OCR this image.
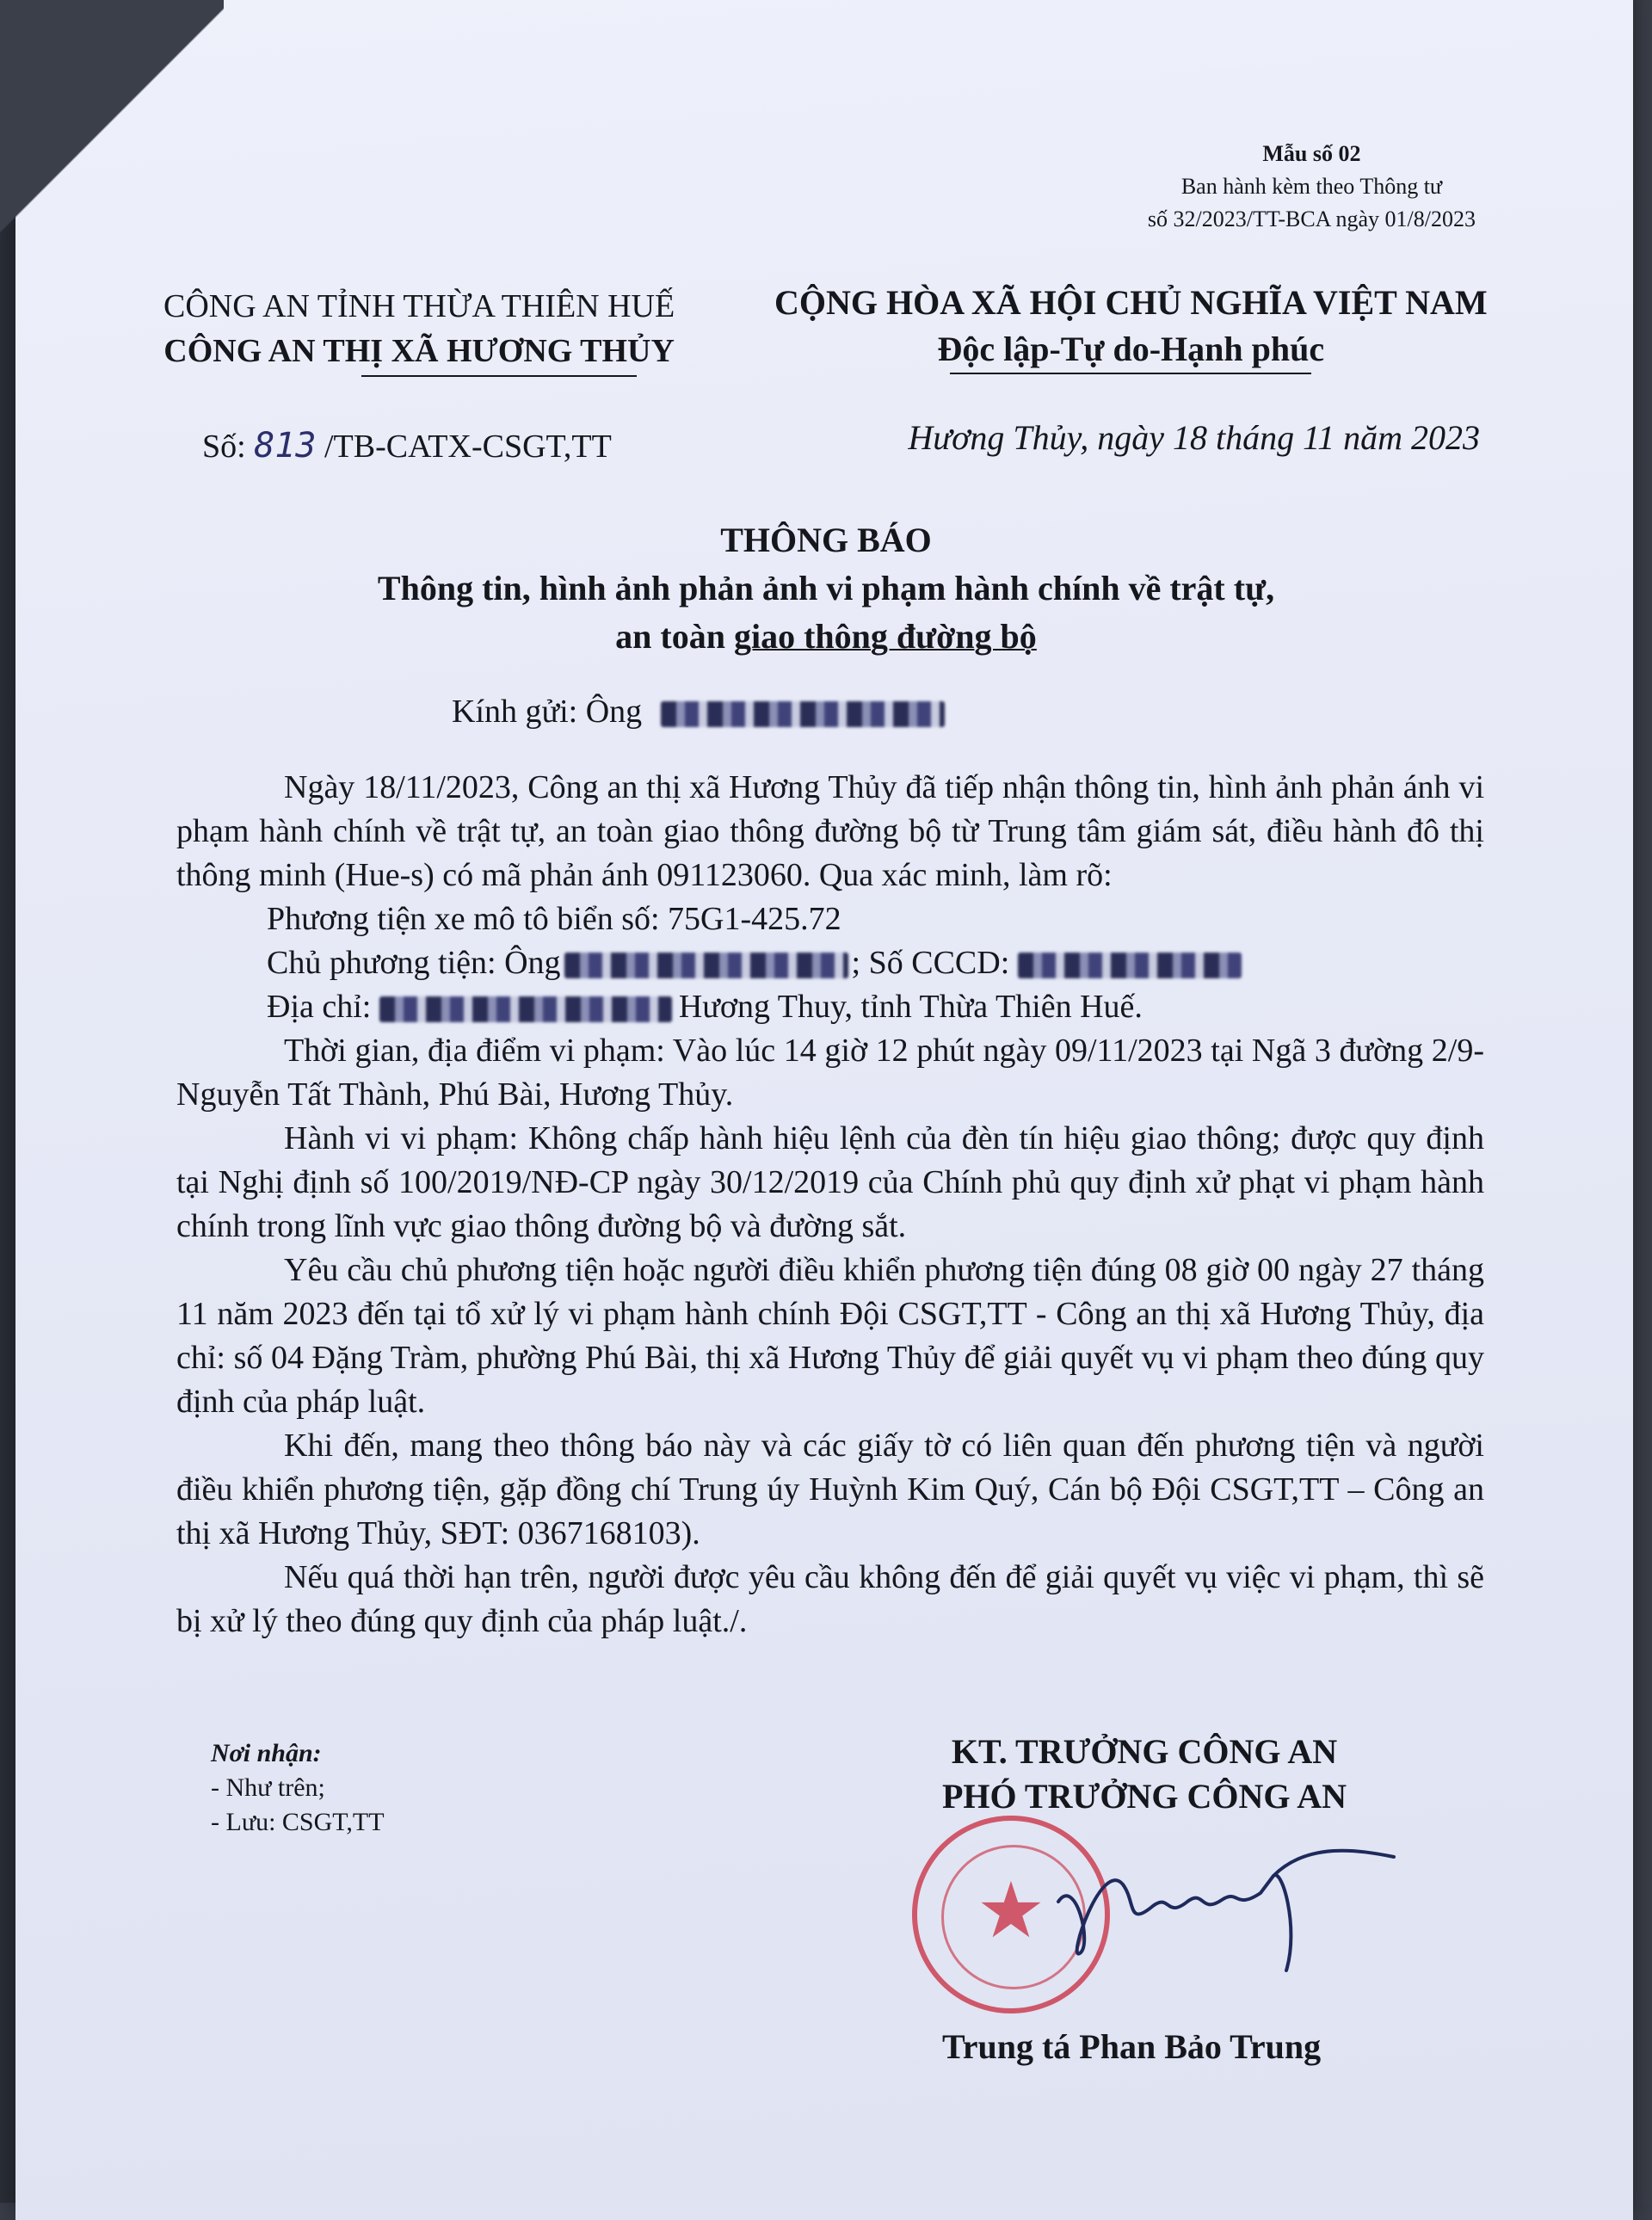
Mẫu số 02
Ban hành kèm theo Thông tư
số 32/2023/TT-BCA ngày 01/8/2023
CÔNG AN TỈNH THỪA THIÊN HUẾ
CÔNG AN THỊ XÃ HƯƠNG THỦY
CỘNG HÒA XÃ HỘI CHỦ NGHĨA VIỆT NAM
Độc lập-Tự do-Hạnh phúc
Số: 813 /TB-CATX-CSGT,TT	Hương Thủy, ngày 18 tháng 11 năm 2023
THÔNG BÁO
Thông tin, hình ảnh phản ảnh vi phạm hành chính về trật tự,
an toàn giao thông đường bộ
Kính gửi: Ông

Ngày 18/11/2023, Công an thị xã Hương Thủy đã tiếp nhận thông tin, hình ảnh phản ánh vi phạm hành chính về trật tự, an toàn giao thông đường bộ từ Trung tâm giám sát, điều hành đô thị thông minh (Hue-s) có mã phản ánh 091123060. Qua xác minh, làm rõ:

Phương tiện xe mô tô biển số: 75G1-425.72

Chủ phương tiện: Ông	; Số CCCD:

Địa chỉ:	Hương Thuy, tỉnh Thừa Thiên Huế.

Thời gian, địa điểm vi phạm: Vào lúc 14 giờ 12 phút ngày 09/11/2023 tại Ngã 3 đường 2/9- Nguyễn Tất Thành, Phú Bài, Hương Thủy.

Hành vi vi phạm: Không chấp hành hiệu lệnh của đèn tín hiệu giao thông; được quy định tại Nghị định số 100/2019/NĐ-CP ngày 30/12/2019 của Chính phủ quy định xử phạt vi phạm hành chính trong lĩnh vực giao thông đường bộ và đường sắt.

Yêu cầu chủ phương tiện hoặc người điều khiển phương tiện đúng 08 giờ 00 ngày 27 tháng 11 năm 2023 đến tại tổ xử lý vi phạm hành chính Đội CSGT,TT - Công an thị xã Hương Thủy, địa chỉ: số 04 Đặng Tràm, phường Phú Bài, thị xã Hương Thủy để giải quyết vụ vi phạm theo đúng quy định của pháp luật.

Khi đến, mang theo thông báo này và các giấy tờ có liên quan đến phương tiện và người điều khiển phương tiện, gặp đồng chí Trung úy Huỳnh Kim Quý, Cán bộ Đội CSGT,TT – Công an thị xã Hương Thủy, SĐT: 0367168103).

Nếu quá thời hạn trên, người được yêu cầu không đến để giải quyết vụ việc vi phạm, thì sẽ bị xử lý theo đúng quy định của pháp luật./.

Nơi nhận:
- Như trên;
- Lưu: CSGT,TT
KT. TRƯỞNG CÔNG AN
PHÓ TRƯỞNG CÔNG AN
★
Trung tá Phan Bảo Trung
